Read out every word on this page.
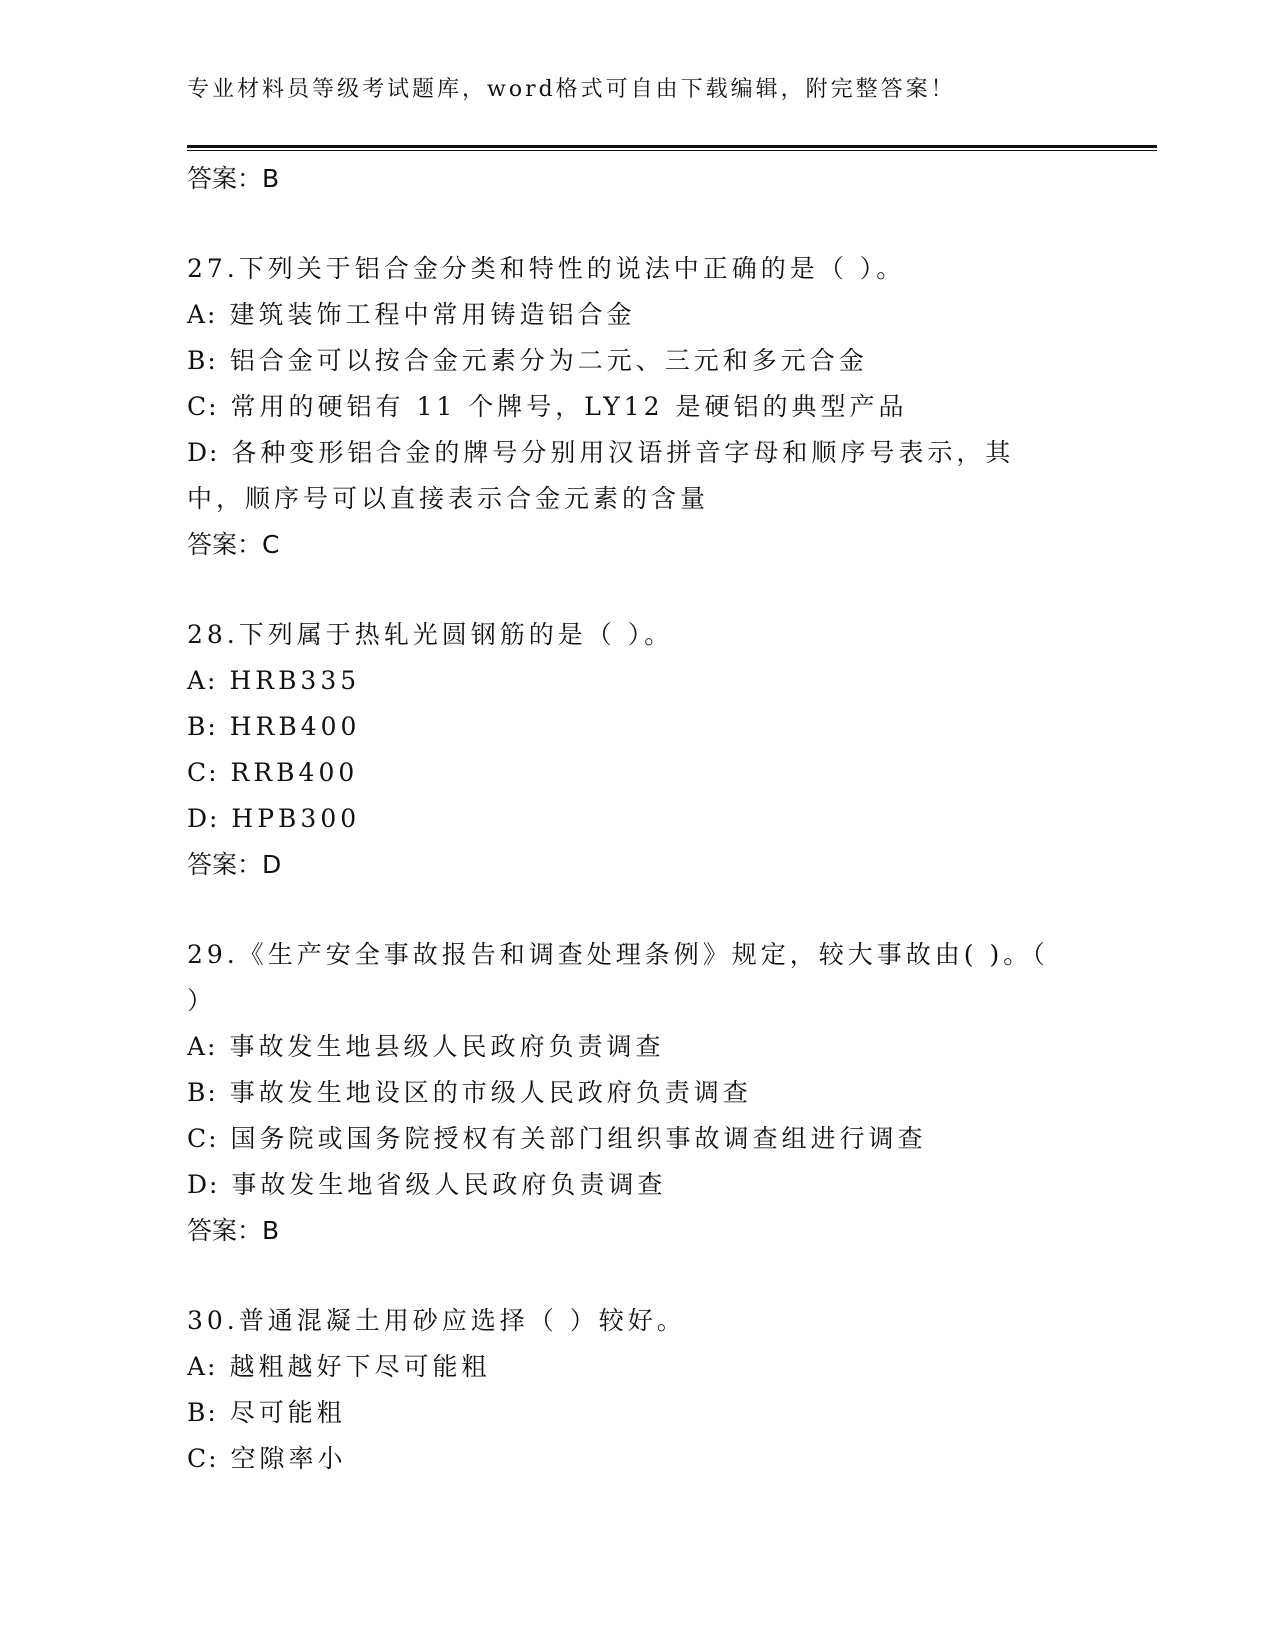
专业材料员等级考试题库，word格式可自由下载编辑，附完整答案！
答案：B
27.下列关于铝合金分类和特性的说法中正确的是（ ）。
A: 建筑装饰工程中常用铸造铝合金
B: 铝合金可以按合金元素分为二元、三元和多元合金
C: 常用的硬铝有 11 个牌号，LY12 是硬铝的典型产品
D: 各种变形铝合金的牌号分别用汉语拼音字母和顺序号表示，其中，顺序号可以直接表示合金元素的含量
答案：C
28.下列属于热轧光圆钢筋的是（ ）。
A: HRB335
B: HRB400
C: RRB400
D: HPB300
答案：D
29.《生产安全事故报告和调查处理条例》规定，较大事故由( )。（ ）
A: 事故发生地县级人民政府负责调查
B: 事故发生地设区的市级人民政府负责调查
C: 国务院或国务院授权有关部门组织事故调查组进行调查
D: 事故发生地省级人民政府负责调查
答案：B
30.普通混凝土用砂应选择（ ）较好。
A: 越粗越好下尽可能粗
B: 尽可能粗
C: 空隙率小
